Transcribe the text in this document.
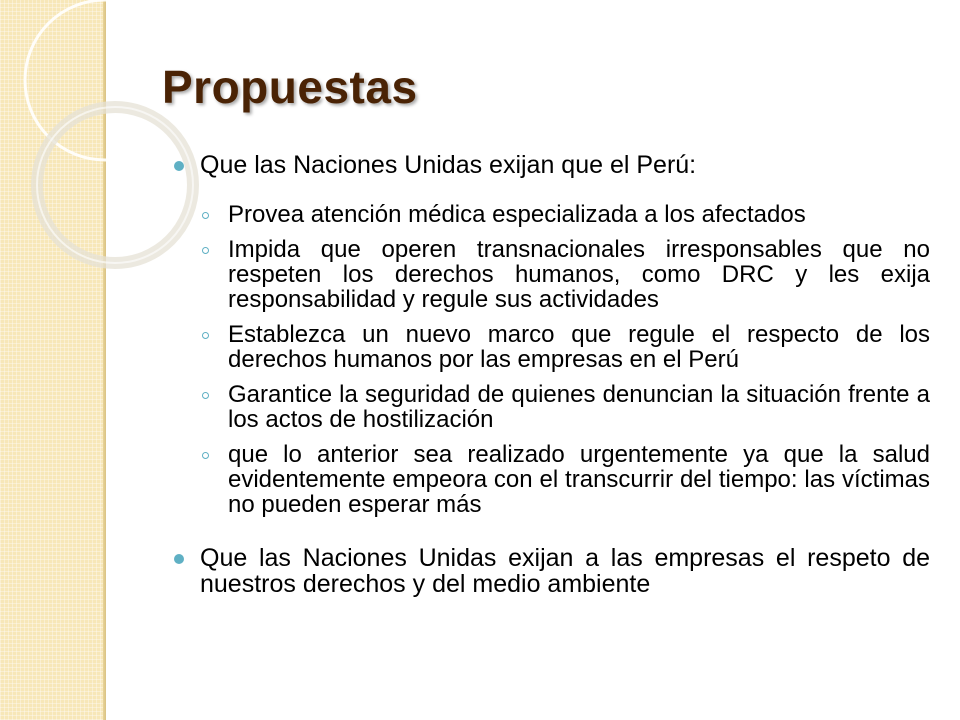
Propuestas
Que las Naciones Unidas exijan que el Perú:
Provea atención médica especializada a los afectados
Impida que operen transnacionales irresponsables que no respeten los derechos humanos, como DRC y les exija responsabilidad y regule sus actividades
Establezca un nuevo marco que regule el respecto de los derechos humanos por las empresas en el Perú
Garantice la seguridad de quienes denuncian la situación frente a los actos de hostilización
que lo anterior sea realizado urgentemente ya que la salud evidentemente empeora con el transcurrir del tiempo: las víctimas no pueden esperar más
Que las Naciones Unidas exijan a las empresas el respeto de nuestros derechos y del medio ambiente
